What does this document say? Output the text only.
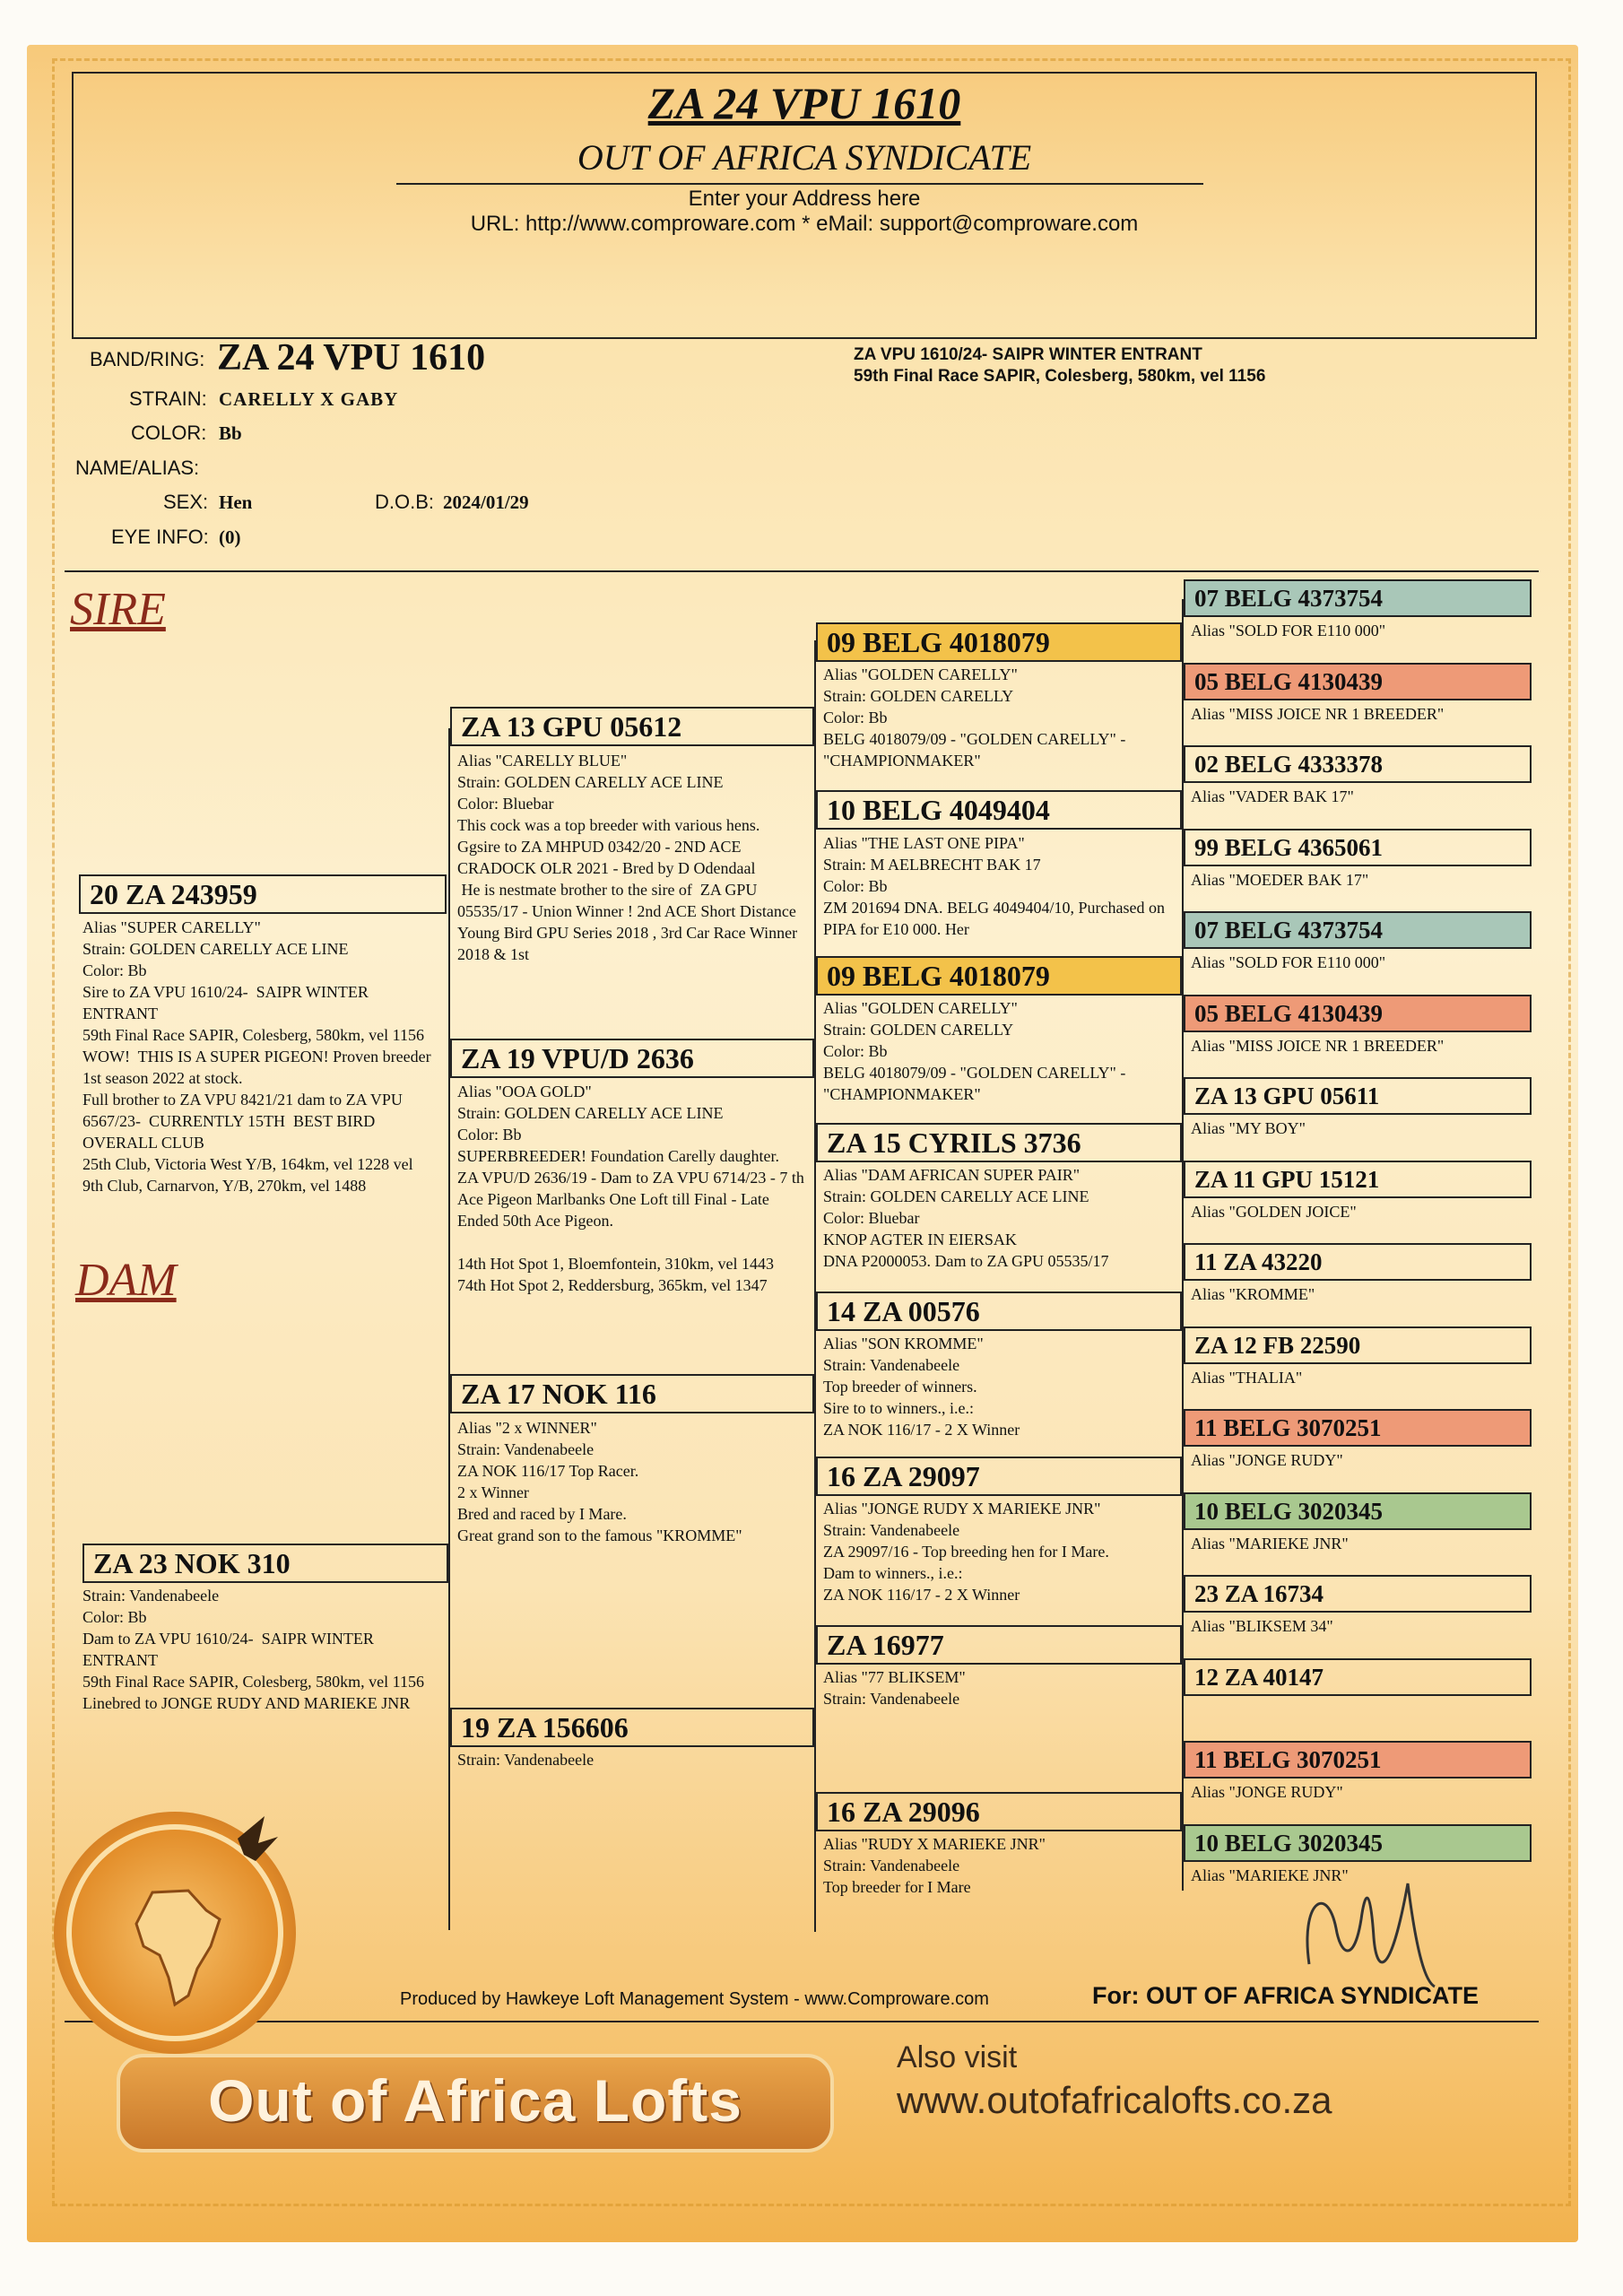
ZA 24 VPU 1610
OUT OF AFRICA SYNDICATE
Enter your Address here
URL: http://www.comproware.com * eMail: support@comproware.com
BAND/RING: ZA 24 VPU 1610
STRAIN: CARELLY X GABY
COLOR: Bb
NAME/ALIAS:
SEX: Hen	D.O.B: 2024/01/29
EYE INFO: (0)
ZA VPU 1610/24- SAIPR WINTER ENTRANT
59th Final Race SAPIR, Colesberg, 580km, vel 1156
SIRE
DAM
20 ZA 243959
Alias "SUPER CARELLY"
Strain: GOLDEN CARELLY ACE LINE
Color: Bb
Sire to ZA VPU 1610/24-  SAIPR WINTER ENTRANT
59th Final Race SAPIR, Colesberg, 580km, vel 1156
WOW!  THIS IS A SUPER PIGEON! Proven breeder 1st season 2022 at stock.
Full brother to ZA VPU 8421/21 dam to ZA VPU 6567/23-  CURRENTLY 15TH  BEST BIRD OVERALL CLUB
25th Club, Victoria West Y/B, 164km, vel 1228 vel
9th Club, Carnarvon, Y/B, 270km, vel 1488
ZA 23 NOK 310
Strain: Vandenabeele
Color: Bb
Dam to ZA VPU 1610/24-  SAIPR WINTER ENTRANT
59th Final Race SAPIR, Colesberg, 580km, vel 1156
Linebred to JONGE RUDY AND MARIEKE JNR
ZA 13 GPU 05612
Alias "CARELLY BLUE"
Strain: GOLDEN CARELLY ACE LINE
Color: Bluebar
This cock was a top breeder with various hens.
Ggsire to ZA MHPUD 0342/20 - 2ND ACE CRADOCK OLR 2021 - Bred by D Odendaal
He is nestmate brother to the sire of  ZA GPU 05535/17 - Union Winner ! 2nd ACE Short Distance Young Bird GPU Series 2018 , 3rd Car Race Winner 2018 & 1st
ZA 19 VPU/D 2636
Alias "OOA GOLD"
Strain: GOLDEN CARELLY ACE LINE
Color: Bb
SUPERBREEDER! Foundation Carelly daughter.
ZA VPU/D 2636/19 - Dam to ZA VPU 6714/23 - 7 th Ace Pigeon Marlbanks One Loft till Final - Late Ended 50th Ace Pigeon.

14th Hot Spot 1, Bloemfontein, 310km, vel 1443
74th Hot Spot 2, Reddersburg, 365km, vel 1347
ZA 17 NOK 116
Alias "2 x WINNER"
Strain: Vandenabeele
ZA NOK 116/17 Top Racer.
2 x Winner
Bred and raced by I Mare.
Great grand son to the famous "KROMME"
19 ZA 156606
Strain: Vandenabeele
09 BELG 4018079
Alias "GOLDEN CARELLY"
Strain: GOLDEN CARELLY
Color: Bb
BELG 4018079/09 - "GOLDEN CARELLY" - "CHAMPIONMAKER"
10 BELG 4049404
Alias "THE LAST ONE PIPA"
Strain: M AELBRECHT BAK 17
Color: Bb
ZM 201694 DNA. BELG 4049404/10, Purchased on PIPA for E10 000. Her
09 BELG 4018079
Alias "GOLDEN CARELLY"
Strain: GOLDEN CARELLY
Color: Bb
BELG 4018079/09 - "GOLDEN CARELLY" - "CHAMPIONMAKER"
ZA 15 CYRILS 3736
Alias "DAM AFRICAN SUPER PAIR"
Strain: GOLDEN CARELLY ACE LINE
Color: Bluebar
KNOP AGTER IN EIERSAK
DNA P2000053. Dam to ZA GPU 05535/17
14 ZA 00576
Alias "SON KROMME"
Strain: Vandenabeele
Top breeder of winners.
Sire to to winners., i.e.:
ZA NOK 116/17 - 2 X Winner
16 ZA 29097
Alias "JONGE RUDY X MARIEKE JNR"
Strain: Vandenabeele
ZA 29097/16 - Top breeding hen for I Mare.
Dam to winners., i.e.:
ZA NOK 116/17 - 2 X Winner
ZA 16977
Alias "77 BLIKSEM"
Strain: Vandenabeele
16 ZA 29096
Alias "RUDY X MARIEKE JNR"
Strain: Vandenabeele
Top breeder for I Mare
07 BELG 4373754
Alias "SOLD FOR E110 000"
05 BELG 4130439
Alias "MISS JOICE NR 1 BREEDER"
02 BELG 4333378
Alias "VADER BAK 17"
99 BELG 4365061
Alias "MOEDER BAK 17"
07 BELG 4373754
Alias "SOLD FOR E110 000"
05 BELG 4130439
Alias "MISS JOICE NR 1 BREEDER"
ZA 13 GPU 05611
Alias "MY BOY"
ZA 11 GPU 15121
Alias "GOLDEN JOICE"
11 ZA 43220
Alias "KROMME"
ZA 12 FB 22590
Alias "THALIA"
11 BELG 3070251
Alias "JONGE RUDY"
10 BELG 3020345
Alias "MARIEKE JNR"
23 ZA 16734
Alias "BLIKSEM 34"
12 ZA 40147
11 BELG 3070251
Alias "JONGE RUDY"
10 BELG 3020345
Alias "MARIEKE JNR"
Produced by Hawkeye Loft Management System - www.Comproware.com	For: OUT OF AFRICA SYNDICATE
Out of Africa Lofts
Also visit
www.outofafricalofts.co.za
